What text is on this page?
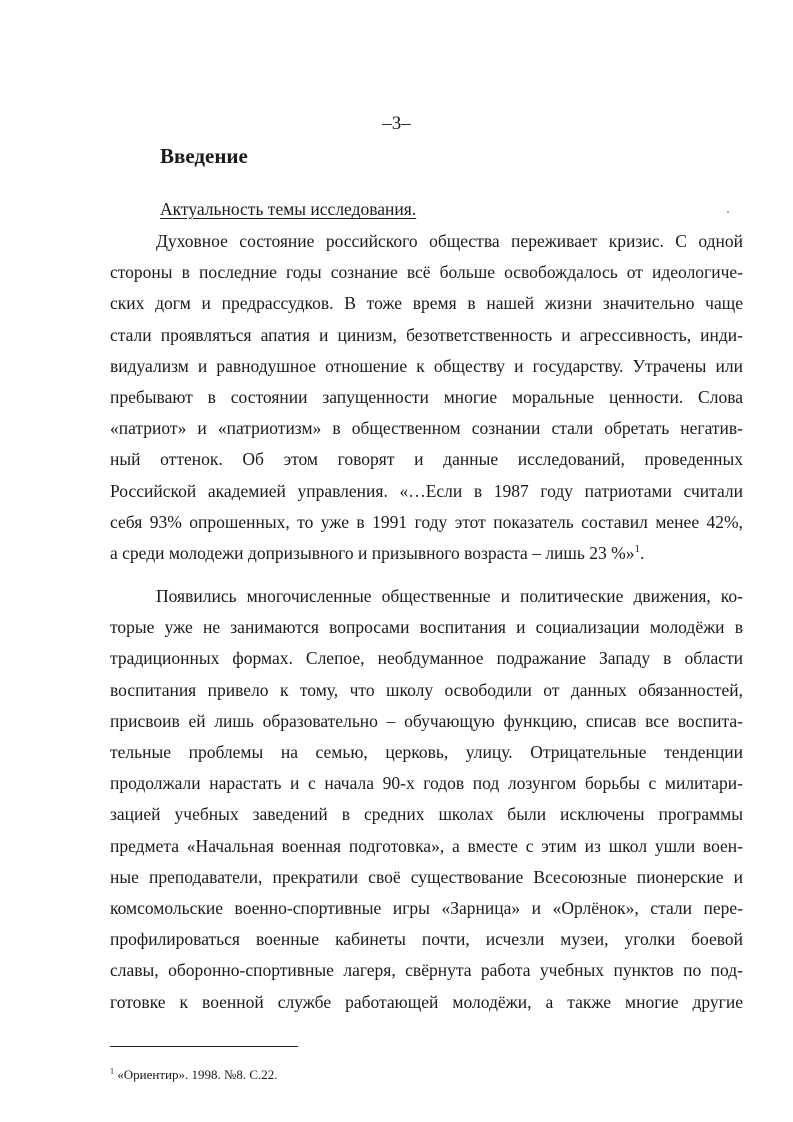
–3–
Введение
Актуальность темы исследования.
Духовное состояние российского общества переживает кризис. С одной
стороны в последние годы сознание всё больше освобождалось от идеологиче-
ских догм и предрассудков. В тоже время в нашей жизни значительно чаще
стали проявляться апатия и цинизм, безответственность и агрессивность, инди-
видуализм и равнодушное отношение к обществу и государству. Утрачены или
пребывают в состоянии запущенности многие моральные ценности. Слова
«патриот» и «патриотизм» в общественном сознании стали обретать негатив-
ный оттенок. Об этом говорят и данные исследований, проведенных
Российской академией управления. «…Если в 1987 году патриотами считали
себя 93% опрошенных, то уже в 1991 году этот показатель составил менее 42%,
а среди молодежи допризывного и призывного возраста – лишь 23 %»$^1$.
Появились многочисленные общественные и политические движения, ко-
торые уже не занимаются вопросами воспитания и социализации молодёжи в
традиционных формах. Слепое, необдуманное подражание Западу в области
воспитания привело к тому, что школу освободили от данных обязанностей,
присвоив ей лишь образовательно – обучающую функцию, списав все воспита-
тельные проблемы на семью, церковь, улицу. Отрицательные тенденции
продолжали нарастать и с начала 90-х годов под лозунгом борьбы с милитари-
зацией учебных заведений в средних школах были исключены программы
предмета «Начальная военная подготовка», а вместе с этим из школ ушли воен-
ные преподаватели, прекратили своё существование Всесоюзные пионерские и
комсомольские военно-спортивные игры «Зарница» и «Орлёнок», стали пере-
профилироваться военные кабинеты почти, исчезли музеи, уголки боевой
славы, оборонно-спортивные лагеря, свёрнута работа учебных пунктов по под-
готовке к военной службе работающей молодёжи, а также многие другие
$^1$ «Ориентир». 1998. №8. С.22.
